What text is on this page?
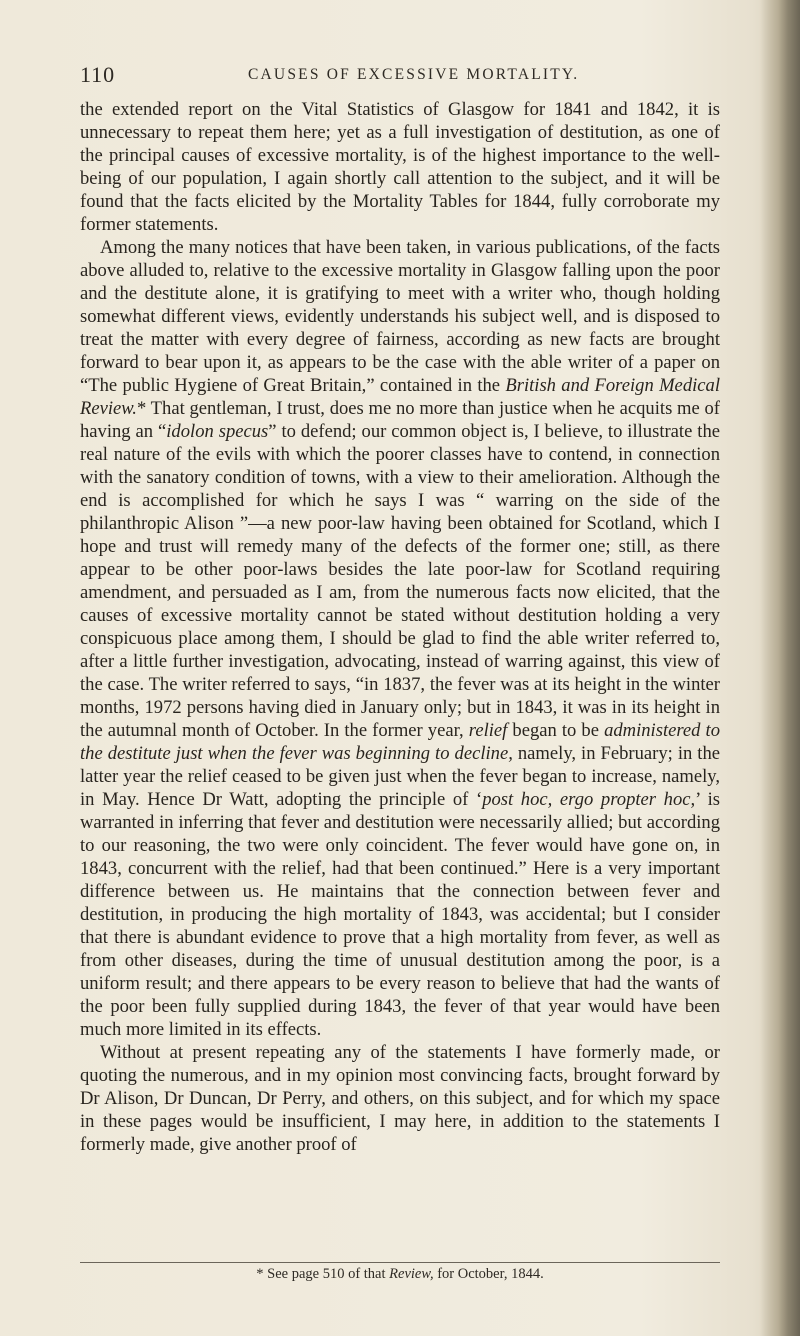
110	CAUSES OF EXCESSIVE MORTALITY.

the extended report on the Vital Statistics of Glasgow for 1841 and 1842, it is unnecessary to repeat them here; yet as a full investigation of destitution, as one of the principal causes of excessive mortality, is of the highest importance to the well-being of our population, I again shortly call attention to the subject, and it will be found that the facts elicited by the Mortality Tables for 1844, fully corroborate my former statements.

Among the many notices that have been taken, in various publications, of the facts above alluded to, relative to the excessive mortality in Glasgow falling upon the poor and the destitute alone, it is gratifying to meet with a writer who, though holding somewhat different views, evidently understands his subject well, and is disposed to treat the matter with every degree of fairness, according as new facts are brought forward to bear upon it, as appears to be the case with the able writer of a paper on “The public Hygiene of Great Britain,” contained in the British and Foreign Medical Review.* That gentleman, I trust, does me no more than justice when he acquits me of having an “idolon specus” to defend; our common object is, I believe, to illustrate the real nature of the evils with which the poorer classes have to contend, in connection with the sanatory condition of towns, with a view to their amelioration. Although the end is accomplished for which he says I was “ warring on the side of the philanthropic Alison ”—a new poor-law having been obtained for Scotland, which I hope and trust will remedy many of the defects of the former one; still, as there appear to be other poor-laws besides the late poor-law for Scotland requiring amendment, and persuaded as I am, from the numerous facts now elicited, that the causes of excessive mortality cannot be stated without destitution holding a very conspicuous place among them, I should be glad to find the able writer referred to, after a little further investigation, advocating, instead of warring against, this view of the case. The writer referred to says, “in 1837, the fever was at its height in the winter months, 1972 persons having died in January only; but in 1843, it was in its height in the autumnal month of October. In the former year, relief began to be administered to the destitute just when the fever was beginning to decline, namely, in February; in the latter year the relief ceased to be given just when the fever began to increase, namely, in May. Hence Dr Watt, adopting the principle of ‘post hoc, ergo propter hoc,’ is warranted in inferring that fever and destitution were necessarily allied; but according to our reasoning, the two were only coincident. The fever would have gone on, in 1843, concurrent with the relief, had that been continued.” Here is a very important difference between us. He maintains that the connection between fever and destitution, in producing the high mortality of 1843, was accidental; but I consider that there is abundant evidence to prove that a high mortality from fever, as well as from other diseases, during the time of unusual destitution among the poor, is a uniform result; and there appears to be every reason to believe that had the wants of the poor been fully supplied during 1843, the fever of that year would have been much more limited in its effects.

Without at present repeating any of the statements I have formerly made, or quoting the numerous, and in my opinion most convincing facts, brought forward by Dr Alison, Dr Duncan, Dr Perry, and others, on this subject, and for which my space in these pages would be insufficient, I may here, in addition to the statements I formerly made, give another proof of

* See page 510 of that Review, for October, 1844.
